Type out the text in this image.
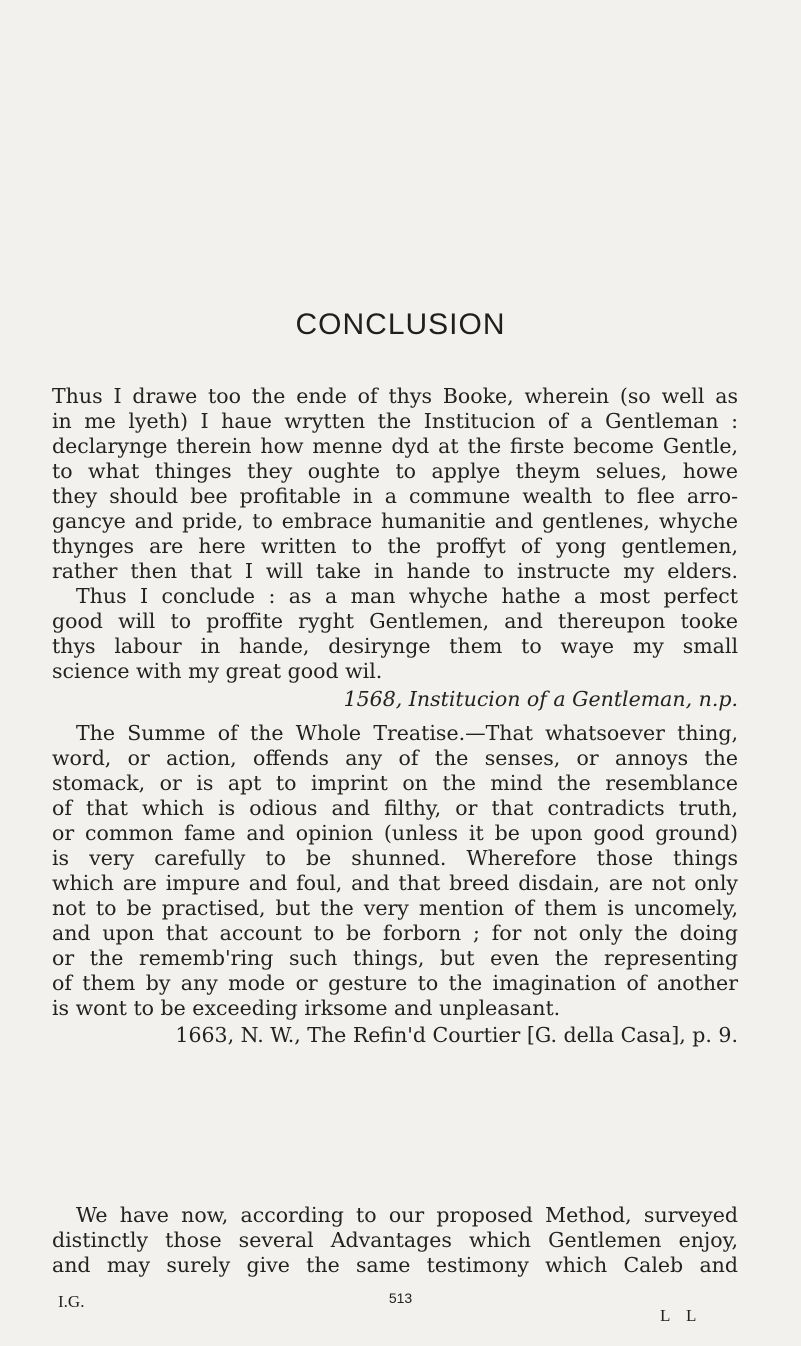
CONCLUSION
Thus I drawe too the ende of thys Booke, wherein (so well as
in me lyeth) I haue wrytten the Institucion of a Gentleman :
declarynge therein how menne dyd at the firste become Gentle,
to what thinges they oughte to applye theym selues, howe
they should bee profitable in a commune wealth to flee arro-
gancye and pride, to embrace humanitie and gentlenes, whyche
thynges are here written to the proffyt of yong gentlemen,
rather then that I will take in hande to instructe my elders.
Thus I conclude : as a man whyche hathe a most perfect
good will to proffite ryght Gentlemen, and thereupon tooke
thys labour in hande, desirynge them to waye my small
science with my great good wil.
1568, Institucion of a Gentleman, n.p.
The Summe of the Whole Treatise.—That whatsoever thing,
word, or action, offends any of the senses, or annoys the
stomack, or is apt to imprint on the mind the resemblance
of that which is odious and filthy, or that contradicts truth,
or common fame and opinion (unless it be upon good ground)
is very carefully to be shunned. Wherefore those things
which are impure and foul, and that breed disdain, are not only
not to be practised, but the very mention of them is uncomely,
and upon that account to be forborn ; for not only the doing
or the rememb'ring such things, but even the representing
of them by any mode or gesture to the imagination of another
is wont to be exceeding irksome and unpleasant.
1663, N. W., The Refin'd Courtier [G. della Casa], p. 9.
We have now, according to our proposed Method, surveyed
distinctly those several Advantages which Gentlemen enjoy,
and may surely give the same testimony which Caleb and
I.G.	513
L L
